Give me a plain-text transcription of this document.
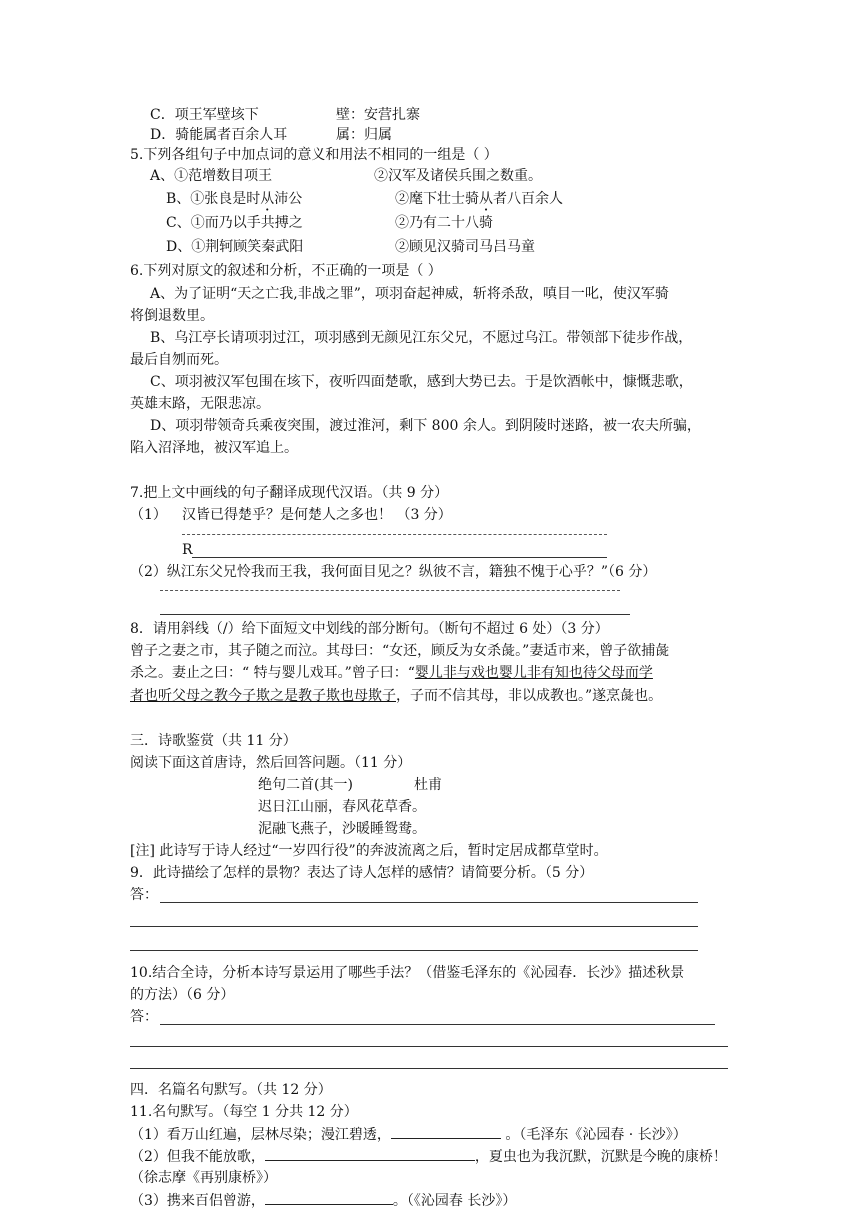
C．项王军壁垓下	壁：安营扎寨
D．骑能属者百余人耳	属：归属
5.下列各组句子中加点词的意义和用法不相同的一组是（ ）
A、①范增数目项王	②汉军及诸侯兵围之数重。
B、①张良是时从沛公	②麾下壮士骑从者八百余人
C、①而乃以手共搏之	②乃有二十八骑
D、①荆轲顾笑秦武阳	②顾见汉骑司马吕马童
6.下列对原文的叙述和分析，不正确的一项是（ ）
A、为了证明“天之亡我,非战之罪”，项羽奋起神威，斩将杀敌，嗔目一叱，使汉军骑
将倒退数里。
B、乌江亭长请项羽过江，项羽感到无颜见江东父兄，不愿过乌江。带领部下徒步作战，
最后自刎而死。
C、项羽被汉军包围在垓下，夜听四面楚歌，感到大势已去。于是饮酒帐中，慷慨悲歌，
英雄末路，无限悲凉。
D、项羽带领奇兵乘夜突围，渡过淮河，剩下 800 余人。到阴陵时迷路，被一农夫所骗，
陷入沼泽地，被汉军追上。
7.把上文中画线的句子翻译成现代汉语。（共 9 分）
（1） 汉皆已得楚乎？是何楚人之多也！ （3 分）
R
（2）纵江东父兄怜我而王我，我何面目见之？纵彼不言，籍独不愧于心乎？”（6 分）
8．请用斜线（/）给下面短文中划线的部分断句。（断句不超过 6 处）（3 分）
曾子之妻之市，其子随之而泣。其母曰：“女还，顾反为女杀彘。”妻适市来，曾子欲捕彘
杀之。妻止之曰：“ 特与婴儿戏耳。”曾子曰：“婴儿非与戏也婴儿非有知也待父母而学
者也听父母之教今子欺之是教子欺也母欺子，子而不信其母，非以成教也。”遂烹彘也。
三．诗歌鉴赏（共 11 分）
阅读下面这首唐诗，然后回答问题。（11 分）
绝句二首(其一)	杜甫
迟日江山丽，春风花草香。
泥融飞燕子，沙暖睡鸳鸯。
[注] 此诗写于诗人经过“一岁四行役”的奔波流离之后，暂时定居成都草堂时。
9．此诗描绘了怎样的景物？表达了诗人怎样的感情？请简要分析。（5 分）
答：
10.结合全诗，分析本诗写景运用了哪些手法？（借鉴毛泽东的《沁园春．长沙》描述秋景
的方法）（6 分）
答：
四．名篇名句默写。（共 12 分）
11.名句默写。（每空 1 分共 12 分）
（1）看万山红遍，层林尽染；漫江碧透，	。（毛泽东《沁园春 · 长沙》）
（2）但我不能放歌，	，夏虫也为我沉默，沉默是今晚的康桥！
（徐志摩《再别康桥》）
（3）携来百侣曾游，	。（《沁园春 长沙》）
